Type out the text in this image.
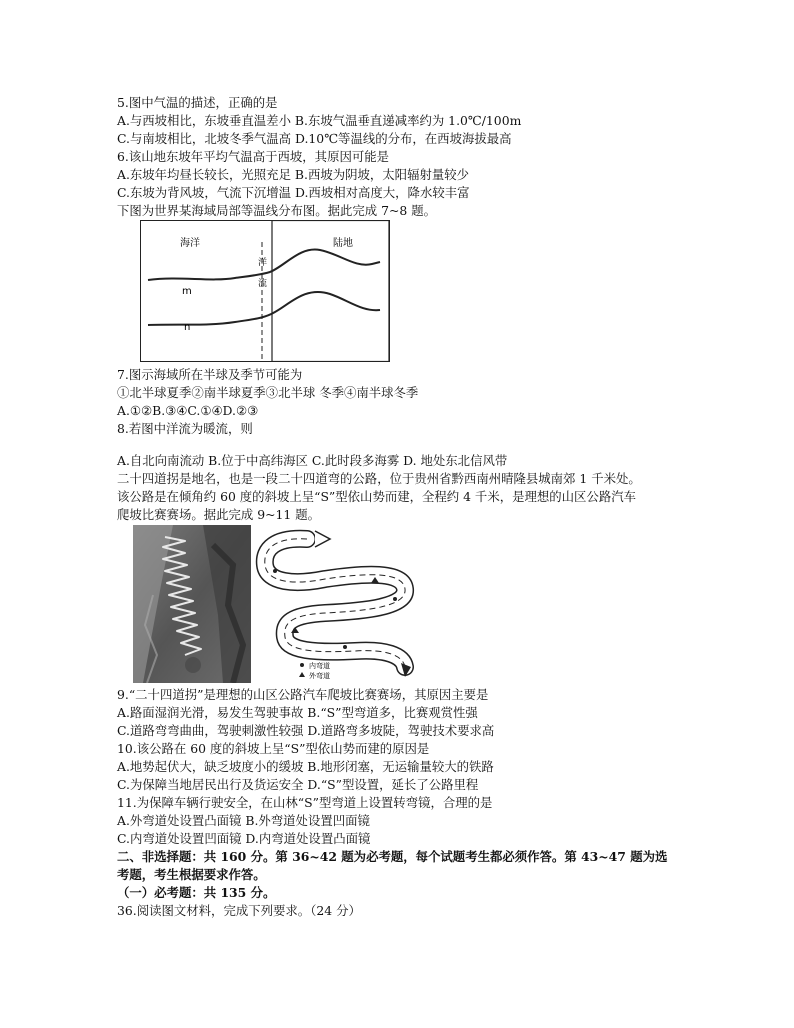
5.图中气温的描述，正确的是
A.与西坡相比，东坡垂直温差小 B.东坡气温垂直递减率约为 1.0℃/100m
C.与南坡相比，北坡冬季气温高 D.10℃等温线的分布，在西坡海拔最高
6.该山地东坡年平均气温高于西坡，其原因可能是
A.东坡年均昼长较长，光照充足 B.西坡为阴坡，太阳辐射量较少
C.东坡为背风坡，气流下沉增温 D.西坡相对高度大，降水较丰富
下图为世界某海域局部等温线分布图。据此完成 7~8 题。
海洋	陆地
洋
流
m
n
7.图示海域所在半球及季节可能为
①北半球夏季②南半球夏季③北半球 冬季④南半球冬季
A.①②B.③④C.①④D.②③
8.若图中洋流为暖流，则
A.自北向南流动 B.位于中高纬海区 C.此时段多海雾 D. 地处东北信风带
二十四道拐是地名，也是一段二十四道弯的公路，位于贵州省黔西南州晴隆县城南郊 1 千米处。
该公路是在倾角约 60 度的斜坡上呈“S”型依山势而建，全程约 4 千米，是理想的山区公路汽车
爬坡比赛赛场。据此完成 9~11 题。
内弯道
外弯道
9.“二十四道拐”是理想的山区公路汽车爬坡比赛赛场，其原因主要是
A.路面湿润光滑，易发生驾驶事故 B.“S”型弯道多，比赛观赏性强
C.道路弯弯曲曲，驾驶刺激性较强 D.道路弯多坡陡，驾驶技术要求高
10.该公路在 60 度的斜坡上呈“S”型依山势而建的原因是
A.地势起伏大，缺乏坡度小的缓坡 B.地形闭塞，无运输量较大的铁路
C.为保障当地居民出行及货运安全 D.“S”型设置，延长了公路里程
11.为保障车辆行驶安全，在山林“S”型弯道上设置转弯镜，合理的是
A.外弯道处设置凸面镜 B.外弯道处设置凹面镜
C.内弯道处设置凹面镜 D.内弯道处设置凸面镜
二、非选择题：共 160 分。第 36~42 题为必考题，每个试题考生都必须作答。第 43~47 题为选
考题，考生根据要求作答。
（一）必考题：共 135 分。
36.阅读图文材料，完成下列要求。（24 分）
